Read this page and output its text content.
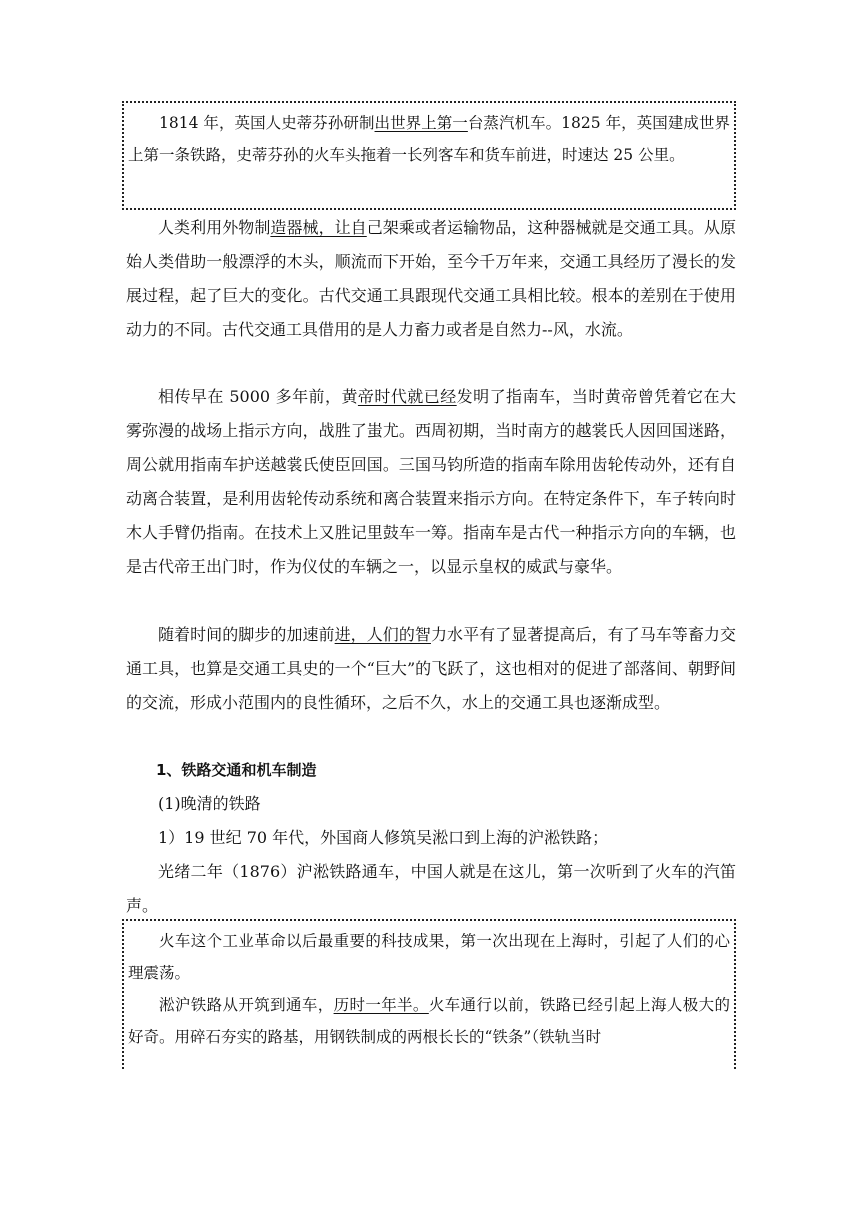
1814 年，英国人史蒂芬孙研制出世界上第一台蒸汽机车。1825 年，英国建成世界上第一条铁路，史蒂芬孙的火车头拖着一长列客车和货车前进，时速达 25 公里。

人类利用外物制造器械，让自己架乘或者运输物品，这种器械就是交通工具。从原始人类借助一般漂浮的木头，顺流而下开始，至今千万年来，交通工具经历了漫长的发展过程，起了巨大的变化。古代交通工具跟现代交通工具相比较。根本的差别在于使用动力的不同。古代交通工具借用的是人力畜力或者是自然力--风，水流。

相传早在 5000 多年前，黄帝时代就已经发明了指南车，当时黄帝曾凭着它在大雾弥漫的战场上指示方向，战胜了蚩尤。西周初期，当时南方的越裳氏人因回国迷路，周公就用指南车护送越裳氏使臣回国。三国马钧所造的指南车除用齿轮传动外，还有自动离合装置，是利用齿轮传动系统和离合装置来指示方向。在特定条件下，车子转向时木人手臂仍指南。在技术上又胜记里鼓车一筹。指南车是古代一种指示方向的车辆，也是古代帝王出门时，作为仪仗的车辆之一，以显示皇权的威武与豪华。

随着时间的脚步的加速前进，人们的智力水平有了显著提高后，有了马车等畜力交通工具，也算是交通工具史的一个“巨大”的飞跃了，这也相对的促进了部落间、朝野间的交流，形成小范围内的良性循环，之后不久，水上的交通工具也逐渐成型。

1、铁路交通和机车制造

(1)晚清的铁路

1）19 世纪 70 年代，外国商人修筑吴淞口到上海的沪淞铁路；

光绪二年（1876）沪淞铁路通车，中国人就是在这儿，第一次听到了火车的汽笛声。

火车这个工业革命以后最重要的科技成果，第一次出现在上海时，引起了人们的心理震荡。

淞沪铁路从开筑到通车，历时一年半。火车通行以前，铁路已经引起上海人极大的好奇。用碎石夯实的路基，用钢铁制成的两根长长的“铁条”（铁轨当时
